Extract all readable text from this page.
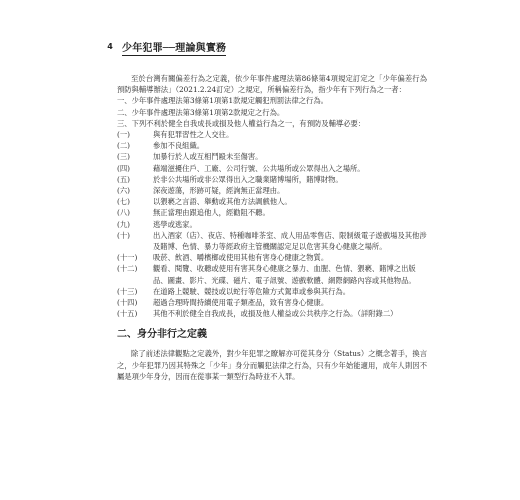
4 少年犯罪──理論與實務

至於台灣有關偏差行為之定義，依少年事件處理法第86條第4項規定訂定之「少年偏差行為預防與輔導辦法」（2021.2.24訂定）之規定，所稱偏差行為，指少年有下列行為之一者：

一、少年事件處理法第3條第1項第1款規定觸犯刑罰法律之行為。

二、少年事件處理法第3條第1項第2款規定之行為。

三、下列不利於健全自我成長或損及他人權益行為之一，有預防及輔導必要：

(一)	與有犯罪習性之人交往。
(二)	參加不良組織。
(三)	加暴行於人或互相鬥毆未至傷害。
(四)	藉端滋擾住戶、工廠、公司行號、公共場所或公眾得出入之場所。
(五)	於非公共場所或非公眾得出入之職業賭博場所，賭博財物。
(六)	深夜遊蕩，形跡可疑，經詢無正當理由。
(七)	以猥褻之言語、舉動或其他方法調戲他人。
(八)	無正當理由跟追他人，經勸阻不聽。
(九)	逃學或逃家。
(十)	出入酒家（店）、夜店、特種咖啡茶室、成人用品零售店、限制級電子遊戲場及其他涉及賭博、色情、暴力等經政府主管機關認定足以危害其身心健康之場所。
(十一)	吸菸、飲酒、嚼檳榔或使用其他有害身心健康之物質。
(十二)	觀看、閱覽、收聽或使用有害其身心健康之暴力、血腥、色情、猥褻、賭博之出版品、圖畫、影片、光碟、磁片、電子訊號、遊戲軟體、網際網路內容或其他物品。
(十三)	在道路上競駛、競技或以蛇行等危險方式駕車或參與其行為。
(十四)	超過合理時間持續使用電子類產品，致有害身心健康。
(十五)	其他不利於健全自我成長，或損及他人權益或公共秩序之行為。（詳附錄二）
二、身分非行之定義

除了前述法律觀點之定義外，對少年犯罪之瞭解亦可從其身分（Status）之概念著手，換言之，少年犯罪乃因其特殊之「少年」身分而觸犯法律之行為，只有少年始能適用，成年人則因不屬是項少年身分，因而在從事某一類型行為時並不入罪。
